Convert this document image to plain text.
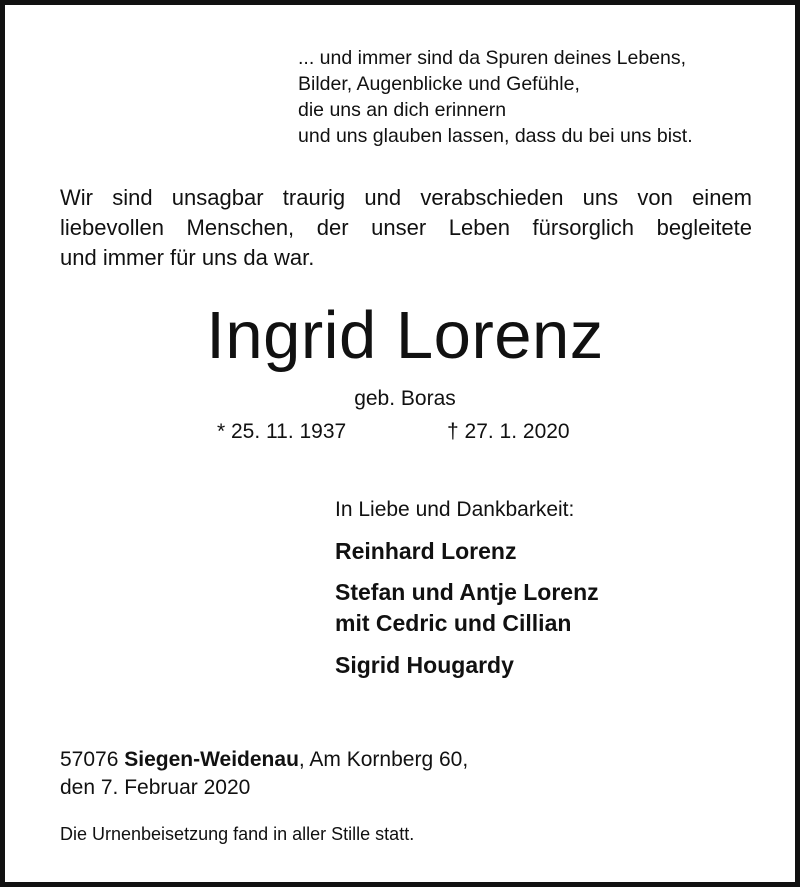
... und immer sind da Spuren deines Lebens,
Bilder, Augenblicke und Gefühle,
die uns an dich erinnern
und uns glauben lassen, dass du bei uns bist.
Wir sind unsagbar traurig und verabschieden uns von einem
liebevollen Menschen, der unser Leben fürsorglich begleitete
und immer für uns da war.
Ingrid Lorenz
geb. Boras
* 25. 11. 1937	† 27. 1. 2020
In Liebe und Dankbarkeit:
Reinhard Lorenz
Stefan und Antje Lorenz
mit Cedric und Cillian
Sigrid Hougardy
57076 Siegen-Weidenau, Am Kornberg 60,
den 7. Februar 2020
Die Urnenbeisetzung fand in aller Stille statt.
